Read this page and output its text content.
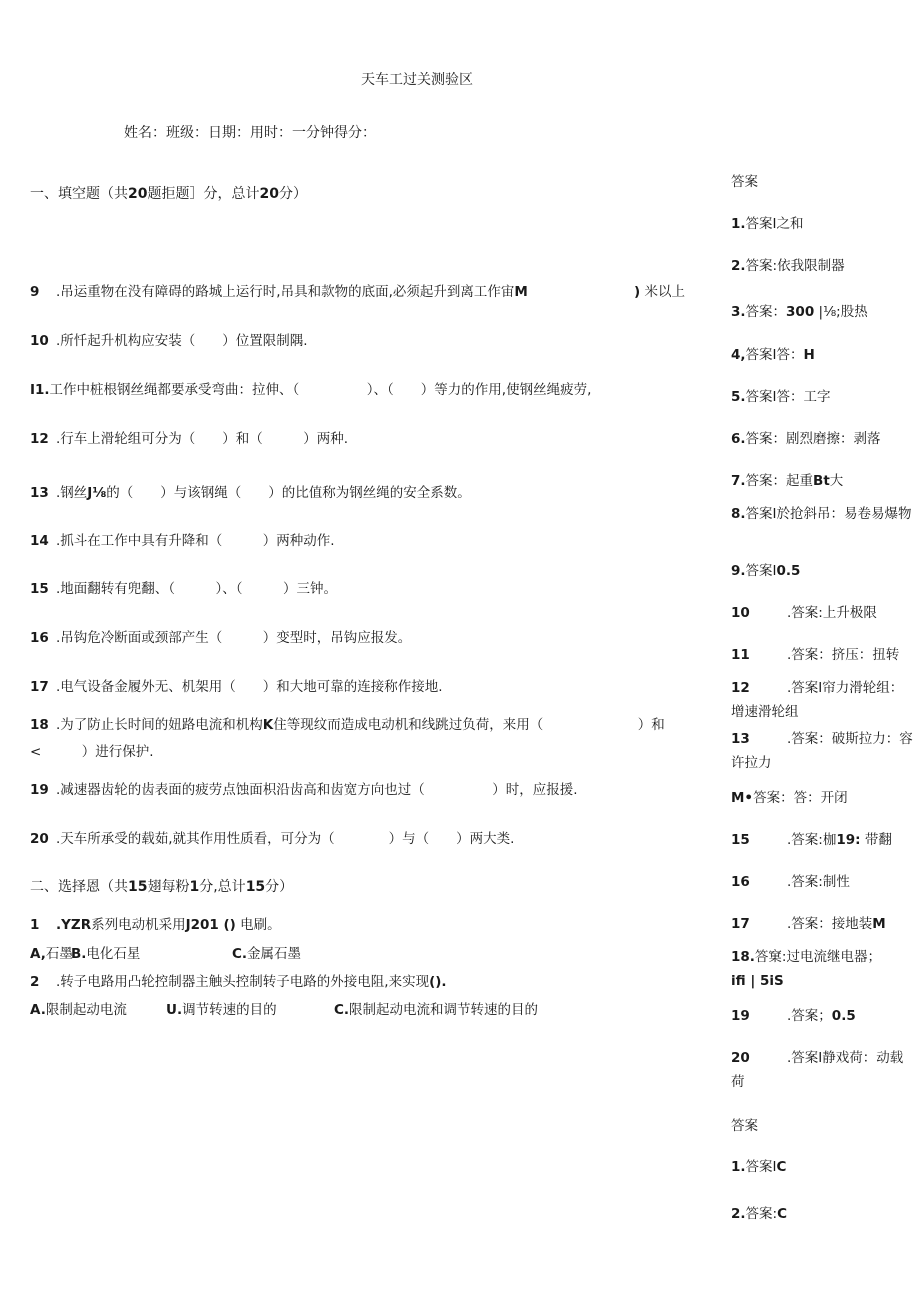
天车工过关测验区
姓名：班级：日期：用时：一分钟得分：
一、填空题（共20题拒题］分，总计20分）
9 .吊运重物在没有障碍的路城上运行时,吊具和款物的底面,必须起升到离工作宙M	) 米以上
10 .所忏起升机构应安装（　　）位置限制隅.
I1.工作中桩根钢丝绳都要承受弯曲：拉伸、（　　　　　）、（　　）等力的作用,使钢丝绳疲劳,
12 .行车上滑轮组可分为（　　）和（　　　）两种.
13 .钢丝J⅛的（　　）与该钢绳（　　）的比值称为钢丝绳的安全系数。
14 .抓斗在工作中具有升降和（　　　）两种动作.
15 .地面翻转有兜翻、（　　　）、（　　　）三钟。
16 .吊钩危冷断面或颈部产生（　　　）变型时，吊钩应报发。
17 .电气设备金履外无、机架用（　　）和大地可靠的连接称作接地.
18 .为了防止长时间的妞路电流和机构K住等现纹而造成电动机和线跳过负荷，来用（　　　　　　　）和
<　　　）进行保护.
19 .减速器齿轮的齿表面的疲劳点蚀面枳沿齿高和齿宽方向也过（　　　　　）时，应报援.
20 .天车所承受的载茹,就其作用性质看，可分为（　　　　）与（　　）两大类.
二、选择恩（共15翅每粉1分,总计15分）
1 .YZR系列电动机采用J201 () 电刷。
A,石墨
B.电化石星	C.金属石墨
2 .转子电路用凸轮控制器主触头控制转子电路的外接电阻,来实现().
A.限制起动电流	U.调节转速的目的	C.限制起动电流和调节转速的目的
答案
1.答案I之和
2.答案:依我限制器
3.答案：300 |⅛;股热
4,答案I答：H
5.答案I答：工字
6.答案：剧烈磨擦：剥落
7.答案：起重Bt大
8.答案I於抢斜吊：易卷易爆物
9.答案I0.5
10	.答案:上升极限
11	.答案：挤压：扭转
12	.答案I帘力滑轮组：增速滑轮组
13	.答案：破斯拉力：容许拉力
M•答案：答：开闭
15	.答案:枷19: 带翻
16	.答案:制性
17	.答案：接地装M
18.答窠:过电流继电器；
ifi | 5iS
19	.答案；0.5
20	.答案I静戏荷：动载荷
答案
1.答案IC
2.答案:C
